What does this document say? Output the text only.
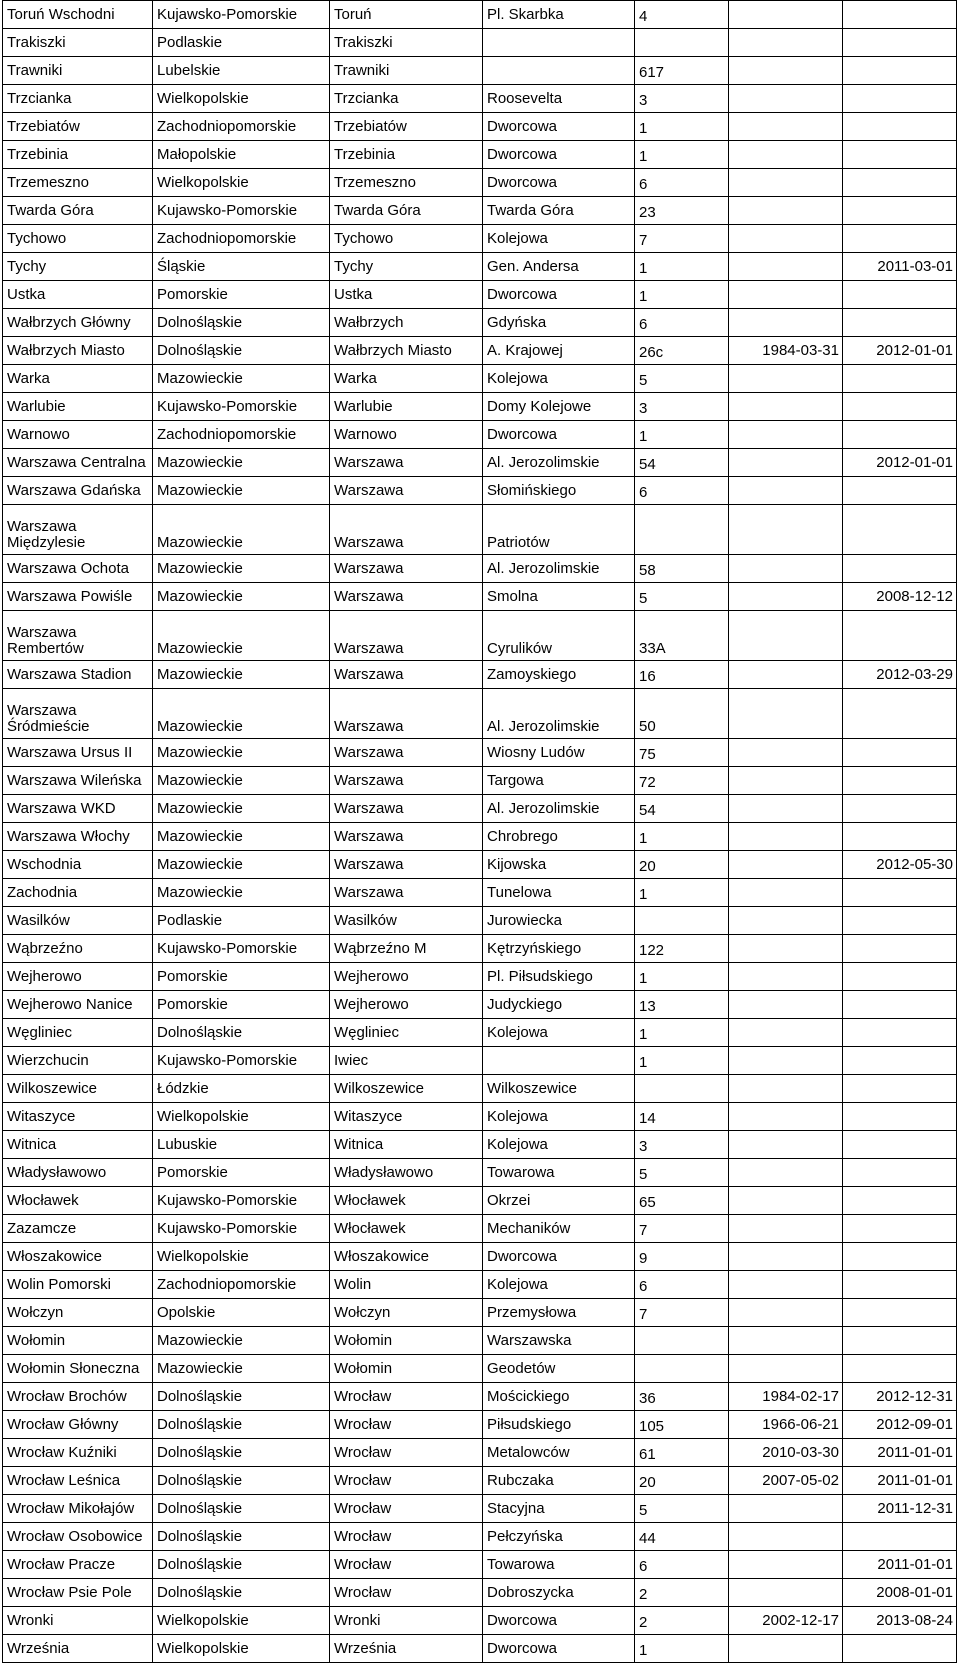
Toruń Wschodni	Kujawsko-Pomorskie	Toruń	Pl. Skarbka	4		
Trakiszki	Podlaskie	Trakiszki				
Trawniki	Lubelskie	Trawniki		617		
Trzcianka	Wielkopolskie	Trzcianka	Roosevelta	3		
Trzebiatów	Zachodniopomorskie	Trzebiatów	Dworcowa	1		
Trzebinia	Małopolskie	Trzebinia	Dworcowa	1		
Trzemeszno	Wielkopolskie	Trzemeszno	Dworcowa	6		
Twarda Góra	Kujawsko-Pomorskie	Twarda Góra	Twarda Góra	23		
Tychowo	Zachodniopomorskie	Tychowo	Kolejowa	7		
Tychy	Śląskie	Tychy	Gen. Andersa	1		2011-03-01
Ustka	Pomorskie	Ustka	Dworcowa	1		
Wałbrzych Główny	Dolnośląskie	Wałbrzych	Gdyńska	6		
Wałbrzych Miasto	Dolnośląskie	Wałbrzych Miasto	A. Krajowej	26c	1984-03-31	2012-01-01
Warka	Mazowieckie	Warka	Kolejowa	5		
Warlubie	Kujawsko-Pomorskie	Warlubie	Domy Kolejowe	3		
Warnowo	Zachodniopomorskie	Warnowo	Dworcowa	1		
Warszawa Centralna	Mazowieckie	Warszawa	Al. Jerozolimskie	54		2012-01-01
Warszawa Gdańska	Mazowieckie	Warszawa	Słomińskiego	6		
Warszawa Międzylesie	Mazowieckie	Warszawa	Patriotów			
Warszawa Ochota	Mazowieckie	Warszawa	Al. Jerozolimskie	58		
Warszawa Powiśle	Mazowieckie	Warszawa	Smolna	5		2008-12-12
Warszawa Rembertów	Mazowieckie	Warszawa	Cyrulików	33A		
Warszawa Stadion	Mazowieckie	Warszawa	Zamoyskiego	16		2012-03-29
Warszawa Śródmieście	Mazowieckie	Warszawa	Al. Jerozolimskie	50		
Warszawa Ursus II	Mazowieckie	Warszawa	Wiosny Ludów	75		
Warszawa Wileńska	Mazowieckie	Warszawa	Targowa	72		
Warszawa WKD	Mazowieckie	Warszawa	Al. Jerozolimskie	54		
Warszawa Włochy	Mazowieckie	Warszawa	Chrobrego	1		
Wschodnia	Mazowieckie	Warszawa	Kijowska	20		2012-05-30
Zachodnia	Mazowieckie	Warszawa	Tunelowa	1		
Wasilków	Podlaskie	Wasilków	Jurowiecka			
Wąbrzeźno	Kujawsko-Pomorskie	Wąbrzeźno M	Kętrzyńskiego	122		
Wejherowo	Pomorskie	Wejherowo	Pl. Piłsudskiego	1		
Wejherowo Nanice	Pomorskie	Wejherowo	Judyckiego	13		
Węgliniec	Dolnośląskie	Węgliniec	Kolejowa	1		
Wierzchucin	Kujawsko-Pomorskie	Iwiec		1		
Wilkoszewice	Łódzkie	Wilkoszewice	Wilkoszewice			
Witaszyce	Wielkopolskie	Witaszyce	Kolejowa	14		
Witnica	Lubuskie	Witnica	Kolejowa	3		
Władysławowo	Pomorskie	Władysławowo	Towarowa	5		
Włocławek	Kujawsko-Pomorskie	Włocławek	Okrzei	65		
Zazamcze	Kujawsko-Pomorskie	Włocławek	Mechaników	7		
Włoszakowice	Wielkopolskie	Włoszakowice	Dworcowa	9		
Wolin Pomorski	Zachodniopomorskie	Wolin	Kolejowa	6		
Wołczyn	Opolskie	Wołczyn	Przemysłowa	7		
Wołomin	Mazowieckie	Wołomin	Warszawska			
Wołomin Słoneczna	Mazowieckie	Wołomin	Geodetów			
Wrocław Brochów	Dolnośląskie	Wrocław	Mościckiego	36	1984-02-17	2012-12-31
Wrocław Główny	Dolnośląskie	Wrocław	Piłsudskiego	105	1966-06-21	2012-09-01
Wrocław Kuźniki	Dolnośląskie	Wrocław	Metalowców	61	2010-03-30	2011-01-01
Wrocław Leśnica	Dolnośląskie	Wrocław	Rubczaka	20	2007-05-02	2011-01-01
Wrocław Mikołajów	Dolnośląskie	Wrocław	Stacyjna	5		2011-12-31
Wrocław Osobowice	Dolnośląskie	Wrocław	Pełczyńska	44		
Wrocław Pracze	Dolnośląskie	Wrocław	Towarowa	6		2011-01-01
Wrocław Psie Pole	Dolnośląskie	Wrocław	Dobroszycka	2		2008-01-01
Wronki	Wielkopolskie	Wronki	Dworcowa	2	2002-12-17	2013-08-24
Września	Wielkopolskie	Września	Dworcowa	1		
